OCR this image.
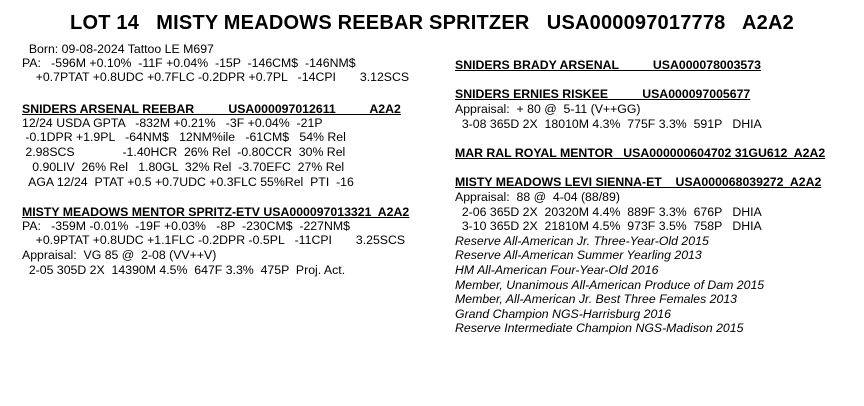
LOT 14   MISTY MEADOWS REEBAR SPRITZER   USA000097017778   A2A2
Born: 09-08-2024 Tattoo LE M697
PA:   -596M +0.10%  -11F +0.04%  -15P  -146CM$  -146NM$
+0.7PTAT +0.8UDC +0.7FLC -0.2DPR +0.7PL   -14CPI       3.12SCS
SNIDERS ARSENAL REEBAR          USA000097012611          A2A2
12/24 USDA GPTA   -832M +0.21%   -3F +0.04%  -21P
-0.1DPR +1.9PL   -64NM$   12NM%ile   -61CM$   54% Rel
2.98SCS              -1.40HCR  26% Rel  -0.80CCR  30% Rel
0.90LIV  26% Rel   1.80GL  32% Rel  -3.70EFC  27% Rel
AGA 12/24  PTAT +0.5 +0.7UDC +0.3FLC 55%Rel  PTI  -16
MISTY MEADOWS MENTOR SPRITZ-ETV USA000097013321  A2A2
PA:   -359M -0.01%  -19F +0.03%   -8P  -230CM$  -227NM$
+0.9PTAT +0.8UDC +1.1FLC -0.2DPR -0.5PL   -11CPI       3.25SCS
Appraisal:  VG 85 @  2-08 (VV++V)
2-05 305D 2X  14390M 4.5%  647F 3.3%  475P  Proj. Act.
SNIDERS BRADY ARSENAL          USA000078003573
SNIDERS ERNIES RISKEE          USA000097005677
Appraisal:  + 80 @  5-11 (V++GG)
3-08 365D 2X  18010M 4.3%  775F 3.3%  591P   DHIA
MAR RAL ROYAL MENTOR   USA000000604702 31GU612  A2A2
MISTY MEADOWS LEVI SIENNA-ET    USA000068039272  A2A2
Appraisal:  88 @  4-04 (88/89)
2-06 365D 2X  20320M 4.4%  889F 3.3%  676P   DHIA
3-10 365D 2X  21810M 4.5%  973F 3.5%  758P   DHIA
Reserve All-American Jr. Three-Year-Old 2015
Reserve All-American Summer Yearling 2013
HM All-American Four-Year-Old 2016
Member, Unanimous All-American Produce of Dam 2015
Member, All-American Jr. Best Three Females 2013
Grand Champion NGS-Harrisburg 2016
Reserve Intermediate Champion NGS-Madison 2015
